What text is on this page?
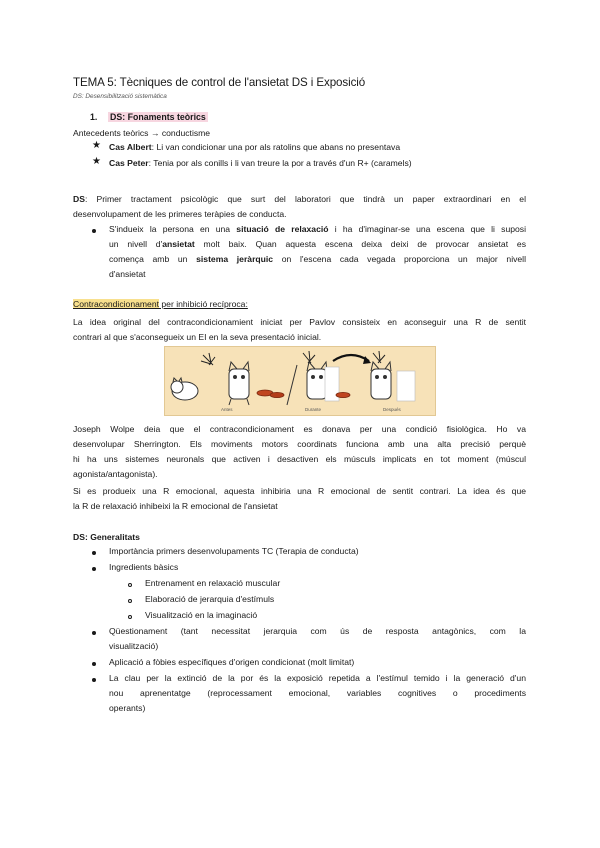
TEMA 5: Tècniques de control de l'ansietat DS i Exposició
DS: Desensibilització sistemàtica
1. DS: Fonaments teòrics
Antecedents teòrics → conductisme
★ Cas Albert: Li van condicionar una por als ratolins que abans no presentava
★ Cas Peter: Tenia por als conills i li van treure la por a través d'un R+ (caramels)
DS: Primer tractament psicològic que surt del laboratori que tindrà un paper extraordinari en el
desenvolupament de les primeres teràpies de conducta.
S'indueix la persona en una situació de relaxació i ha d'imaginar-se una escena que li suposi
un nivell d'ansietat molt baix. Quan aquesta escena deixa deixi de provocar ansietat es
comença amb un sistema jeràrquic on l'escena cada vegada proporciona un major nivell
d'ansietat
Contracondicionament per inhibició recíproca:
La idea original del contracondicionamient iniciat per Pavlov consisteix en aconseguir una R de sentit
contrari al que s'aconsegueix un EI en la seva presentació inicial.
Antes	Durante	Después
Joseph Wolpe deia que el contracondicionament es donava per una condició fisiològica. Ho va
desenvolupar Sherrington. Els moviments motors coordinats funciona amb una alta precisió perquè
hi ha uns sistemes neuronals que activen i desactiven els músculs implicats en tot moment (múscul
agonista/antagonista).
Si es produeix una R emocional, aquesta inhibiria una R emocional de sentit contrari. La idea és que
la R de relaxació inhibeixi la R emocional de l'ansietat
DS: Generalitats
Importància primers desenvolupaments TC (Terapia de conducta)
Ingredients bàsics
Entrenament en relaxació muscular
Elaboració de jerarquia d'estímuls
Visualització en la imaginació
Qüestionament (tant necessitat jerarquia com ús de resposta antagònics, com la
visualització)
Aplicació a fòbies específiques d'origen condicionat (molt limitat)
La clau per la extinció de la por és la exposició repetida a l'estímul temido i la generació d'un
nou aprenentatge (reprocessament emocional, variables cognitives o procediments
operants)
